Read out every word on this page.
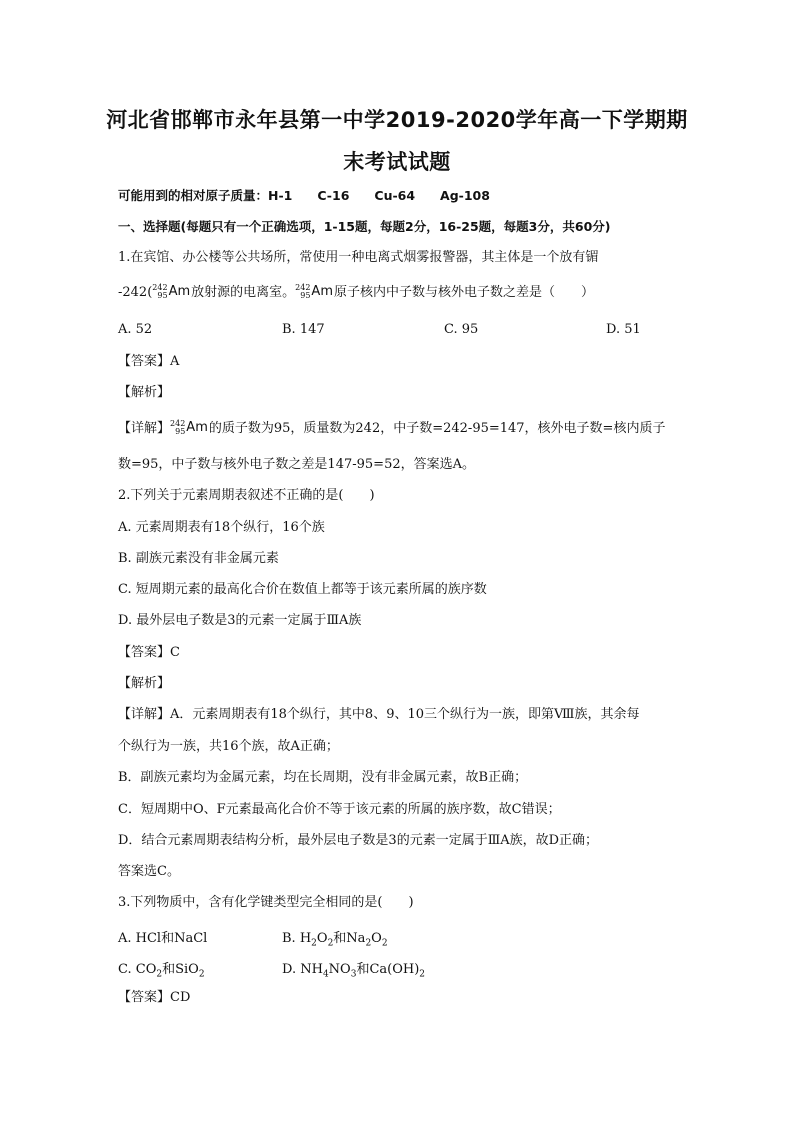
河北省邯郸市永年县第一中学2019-2020学年高一下学期期
末考试试题
可能用到的相对原子质量：H-1　　C-16　　Cu-64　　Ag-108
一、选择题(每题只有一个正确选项，1-15题，每题2分，16-25题，每题3分，共60分)
1.在宾馆、办公楼等公共场所，常使用一种电离式烟雾报警器，其主体是一个放有镅
-242( 242
95 Am放射源的电离室。 242
95 Am原子核内中子数与核外电子数之差是（　　）
A. 52	B. 147	C. 95	D. 51
【答案】A
【解析】
【详解】 242
95 Am的质子数为95，质量数为242，中子数=242-95=147，核外电子数=核内质子
数=95，中子数与核外电子数之差是147-95=52，答案选A。
2.下列关于元素周期表叙述不正确的是(　　)
A. 元素周期表有18个纵行，16个族
B. 副族元素没有非金属元素
C. 短周期元素的最高化合价在数值上都等于该元素所属的族序数
D. 最外层电子数是3的元素一定属于ⅢA族
【答案】C
【解析】
【详解】A．元素周期表有18个纵行，其中8、9、10三个纵行为一族，即第Ⅷ族，其余每
个纵行为一族，共16个族，故A正确；
B．副族元素均为金属元素，均在长周期，没有非金属元素，故B正确；
C．短周期中O、F元素最高化合价不等于该元素的所属的族序数，故C错误；
D．结合元素周期表结构分析，最外层电子数是3的元素一定属于ⅢA族，故D正确；
答案选C。
3.下列物质中，含有化学键类型完全相同的是(　　)
A. HCl和NaCl	B. $H_2O_2$和$Na_2O_2$
C. $CO_2$和SiO$_2$	D. $NH_4NO_3$和$Ca(OH)_2$
【答案】CD
